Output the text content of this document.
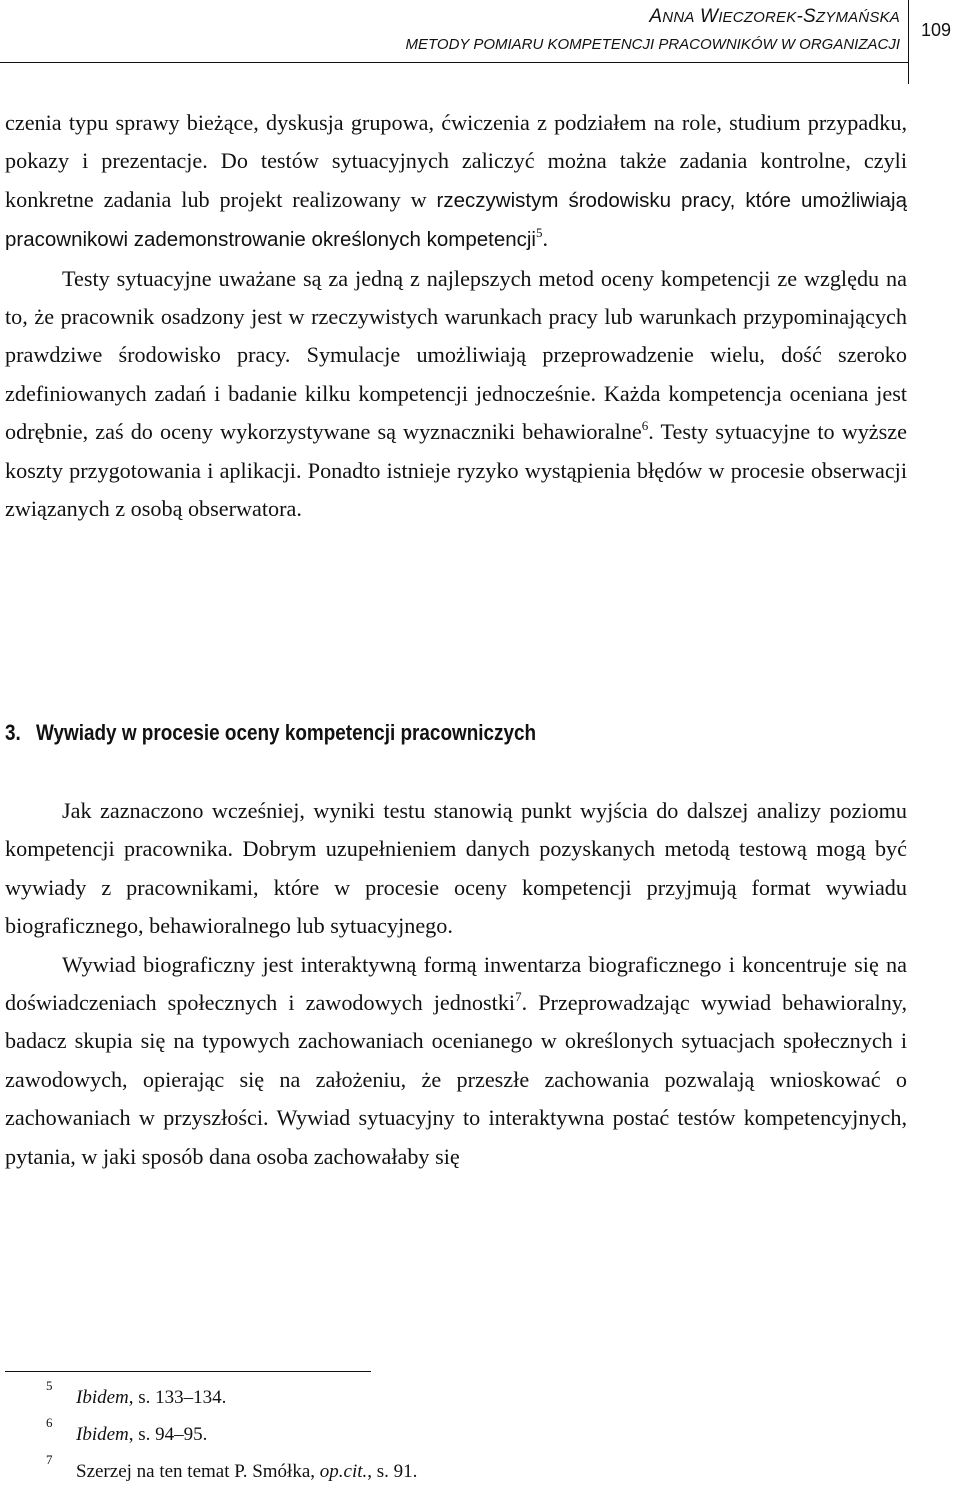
ANNA WIECZOREK-SZYMAŃSKA
METODY POMIARU KOMPETENCJI PRACOWNIKÓW W ORGANIZACJI
109

czenia typu sprawy bieżące, dyskusja grupowa, ćwiczenia z podziałem na role, studium przypadku, pokazy i prezentacje. Do testów sytuacyjnych zaliczyć można także zadania kontrolne, czyli konkretne zadania lub projekt realizowany w rzeczywistym środowisku pracy, które umożliwiają pracownikowi zademonstrowanie określonych kompetencji$^5$.

Testy sytuacyjne uważane są za jedną z najlepszych metod oceny kompetencji ze względu na to, że pracownik osadzony jest w rzeczywistych warunkach pracy lub warunkach przypominających prawdziwe środowisko pracy. Symulacje umożliwiają przeprowadzenie wielu, dość szeroko zdefiniowanych zadań i badanie kilku kompetencji jednocześnie. Każda kompetencja oceniana jest odrębnie, zaś do oceny wykorzystywane są wyznaczniki behawioralne$^6$. Testy sytuacyjne to wyższe koszty przygotowania i aplikacji. Ponadto istnieje ryzyko wystąpienia błędów w procesie obserwacji związanych z osobą obserwatora.

3. Wywiady w procesie oceny kompetencji pracowniczych

Jak zaznaczono wcześniej, wyniki testu stanowią punkt wyjścia do dalszej analizy poziomu kompetencji pracownika. Dobrym uzupełnieniem danych pozyskanych metodą testową mogą być wywiady z pracownikami, które w procesie oceny kompetencji przyjmują format wywiadu biograficznego, behawioralnego lub sytuacyjnego.

Wywiad biograficzny jest interaktywną formą inwentarza biograficznego i koncentruje się na doświadczeniach społecznych i zawodowych jednostki$^7$. Przeprowadzając wywiad behawioralny, badacz skupia się na typowych zachowaniach ocenianego w określonych sytuacjach społecznych i zawodowych, opierając się na założeniu, że przeszłe zachowania pozwalają wnioskować o zachowaniach w przyszłości. Wywiad sytuacyjny to interaktywna postać testów kompetencyjnych, pytania, w jaki sposób dana osoba zachowałaby się

5
Ibidem, s. 133–134.
6
Ibidem, s. 94–95.
7
Szerzej na ten temat P. Smółka, op.cit., s. 91.
